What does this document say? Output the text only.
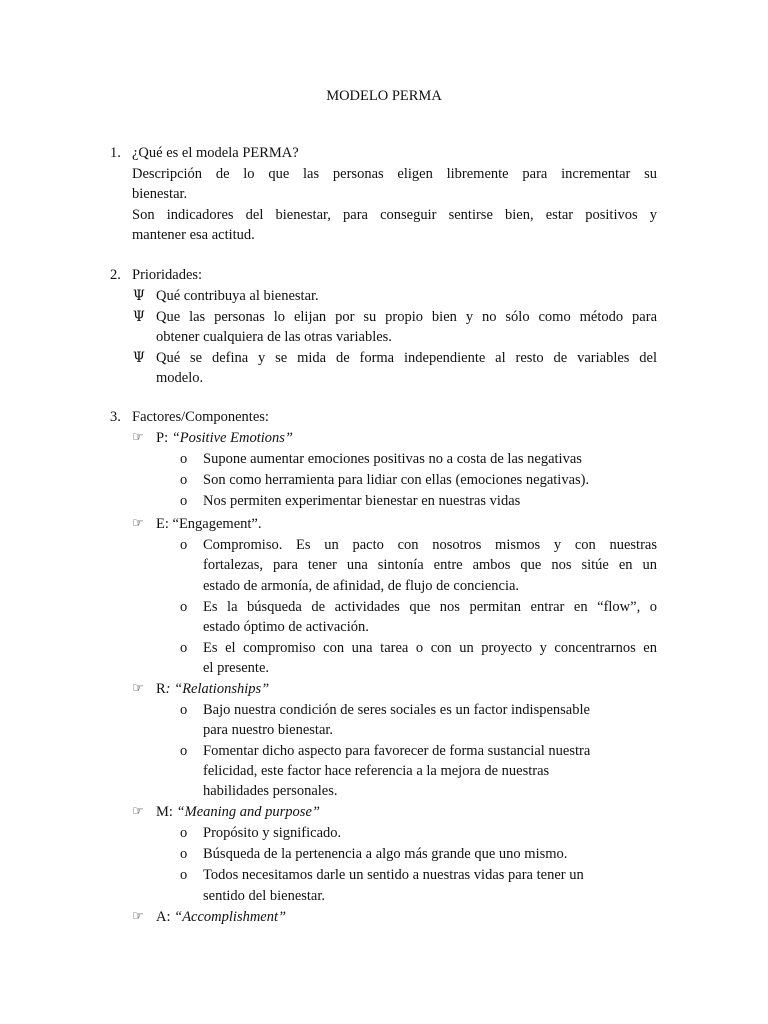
MODELO PERMA
1. ¿Qué es el modela PERMA?
Descripción de lo que las personas eligen libremente para incrementar su
bienestar.
Son indicadores del bienestar, para conseguir sentirse bien, estar positivos y
mantener esa actitud.
2. Prioridades:
Ψ Qué contribuya al bienestar.
Ψ Que las personas lo elijan por su propio bien y no sólo como método para
obtener cualquiera de las otras variables.
Ψ Qué se defina y se mida de forma independiente al resto de variables del
modelo.
3. Factores/Componentes:
☞ P: “Positive Emotions”
o Supone aumentar emociones positivas no a costa de las negativas
o Son como herramienta para lidiar con ellas (emociones negativas).
o Nos permiten experimentar bienestar en nuestras vidas
☞ E: “Engagement”.
o Compromiso. Es un pacto con nosotros mismos y con nuestras
fortalezas, para tener una sintonía entre ambos que nos sitúe en un
estado de armonía, de afinidad, de flujo de conciencia.
o Es la búsqueda de actividades que nos permitan entrar en “flow”, o
estado óptimo de activación.
o Es el compromiso con una tarea o con un proyecto y concentrarnos en
el presente.
☞ R: “Relationships”
o Bajo nuestra condición de seres sociales es un factor indispensable
para nuestro bienestar.
o Fomentar dicho aspecto para favorecer de forma sustancial nuestra
felicidad, este factor hace referencia a la mejora de nuestras
habilidades personales.
☞ M: “Meaning and purpose”
o Propósito y significado.
o Búsqueda de la pertenencia a algo más grande que uno mismo.
o Todos necesitamos darle un sentido a nuestras vidas para tener un
sentido del bienestar.
☞ A: “Accomplishment”
